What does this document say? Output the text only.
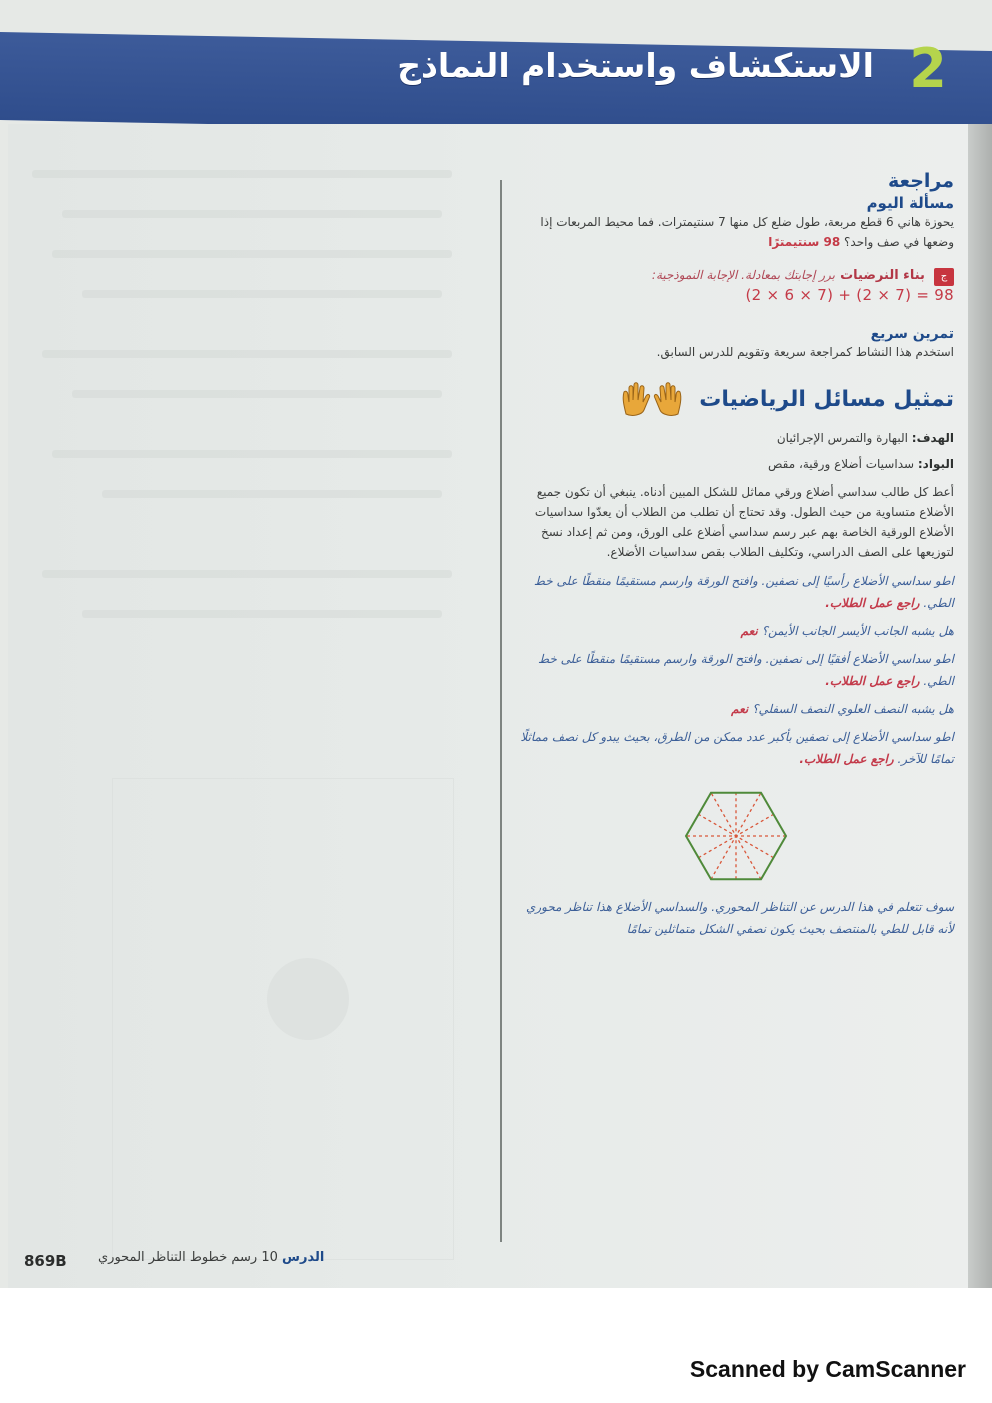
2
الاستكشاف واستخدام النماذج
مراجعة
مسألة اليوم
يحوزة هاني 6 قطع مربعة، طول ضلع كل منها 7 سنتيمترات. فما محيط المربعات إذا وضعها في صف واحد؟ 98 سنتيمترًا
ج بناء النرضيات برر إجابتك بمعادلة. الإجابة النموذجية:
(2 × 6 × 7) + (2 × 7) = 98
تمرين سريع
استخدم هذا النشاط كمراجعة سريعة وتقويم للدرس السابق.
تمثيل مسائل الرياضيات
الهدف: البهارة والتمرس الإجرائيان
البواد: سداسيات أضلاع ورقية، مقص
أعط كل طالب سداسي أضلاع ورقي مماثل للشكل المبين أدناه. ينبغي أن تكون جميع الأضلاع متساوية من حيث الطول. وقد تحتاج أن تطلب من الطلاب أن يعدّوا سداسيات الأضلاع الورقية الخاصة بهم عبر رسم سداسي أضلاع على الورق، ومن ثم إعداد نسخ لتوزيعها على الصف الدراسي، وتكليف الطلاب بقص سداسيات الأضلاع.
اطو سداسي الأضلاع رأسيًا إلى نصفين. وافتح الورقة وارسم مستقيمًا منقطًا على خط الطي. راجع عمل الطلاب.
هل يشبه الجانب الأيسر الجانب الأيمن؟ نعم
اطو سداسي الأضلاع أفقيًا إلى نصفين. وافتح الورقة وارسم مستقيمًا منقطًا على خط الطي. راجع عمل الطلاب.
هل يشبه النصف العلوي النصف السفلي؟ نعم
اطو سداسي الأضلاع إلى نصفين بأكبر عدد ممكن من الطرق، بحيث يبدو كل نصف مماثلًا تمامًا للآخر. راجع عمل الطلاب.
سوف تتعلم في هذا الدرس عن التناظر المحوري. والسداسي الأضلاع هذا تناظر محوري لأنه قابل للطي بالمنتصف بحيث يكون نصفي الشكل متماثلين تمامًا
869B	الدرس 10 رسم خطوط التناظر المحوري
Scanned by CamScanner
